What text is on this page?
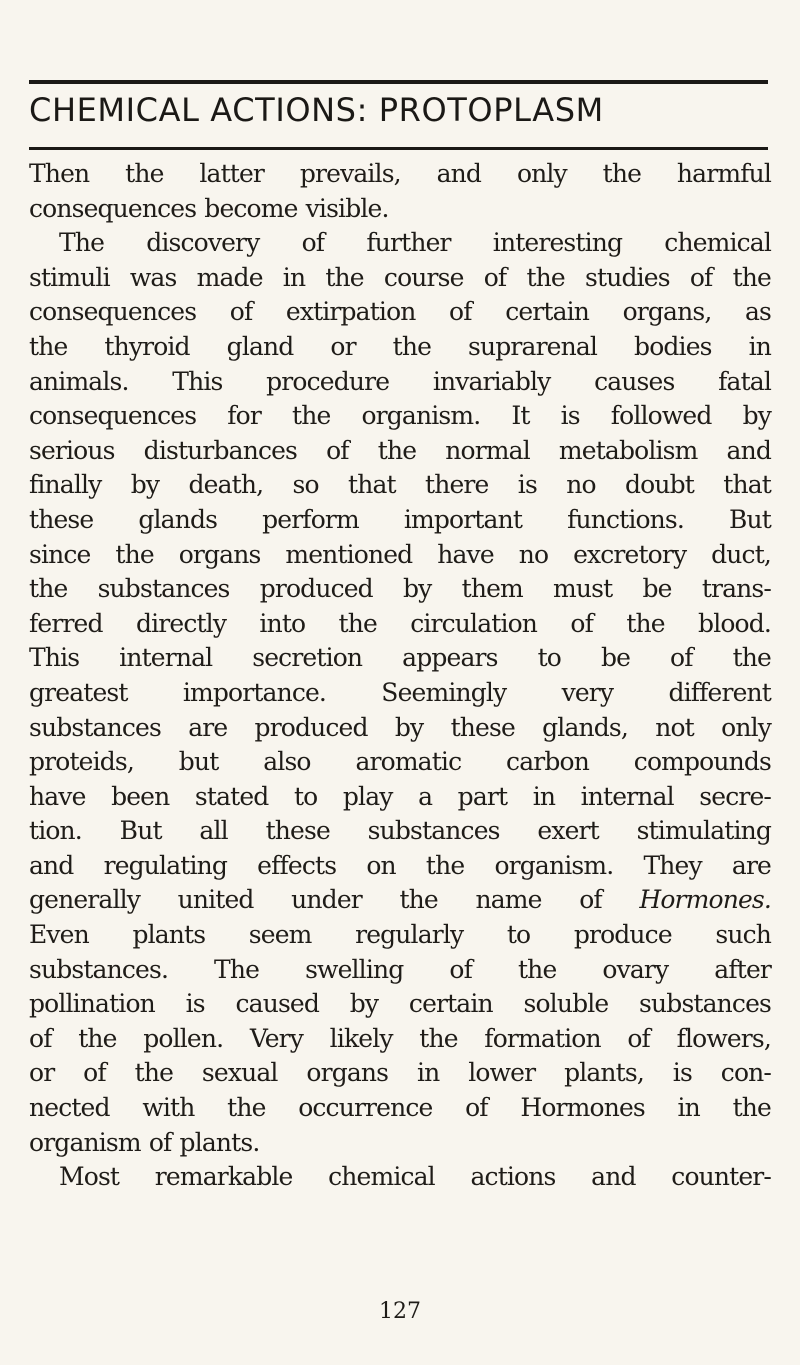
CHEMICAL ACTIONS: PROTOPLASM
Then the latter prevails, and only the harmful
consequences become visible.
The discovery of further interesting chemical
stimuli was made in the course of the studies of the
consequences of extirpation of certain organs, as
the thyroid gland or the suprarenal bodies in
animals. This procedure invariably causes fatal
consequences for the organism. It is followed by
serious disturbances of the normal metabolism and
finally by death, so that there is no doubt that
these glands perform important functions. But
since the organs mentioned have no excretory duct,
the substances produced by them must be trans-
ferred directly into the circulation of the blood.
This internal secretion appears to be of the
greatest importance. Seemingly very different
substances are produced by these glands, not only
proteids, but also aromatic carbon compounds
have been stated to play a part in internal secre-
tion. But all these substances exert stimulating
and regulating effects on the organism. They are
generally united under the name of Hormones.
Even plants seem regularly to produce such
substances. The swelling of the ovary after
pollination is caused by certain soluble substances
of the pollen. Very likely the formation of flowers,
or of the sexual organs in lower plants, is con-
nected with the occurrence of Hormones in the
organism of plants.
Most remarkable chemical actions and counter-
127
